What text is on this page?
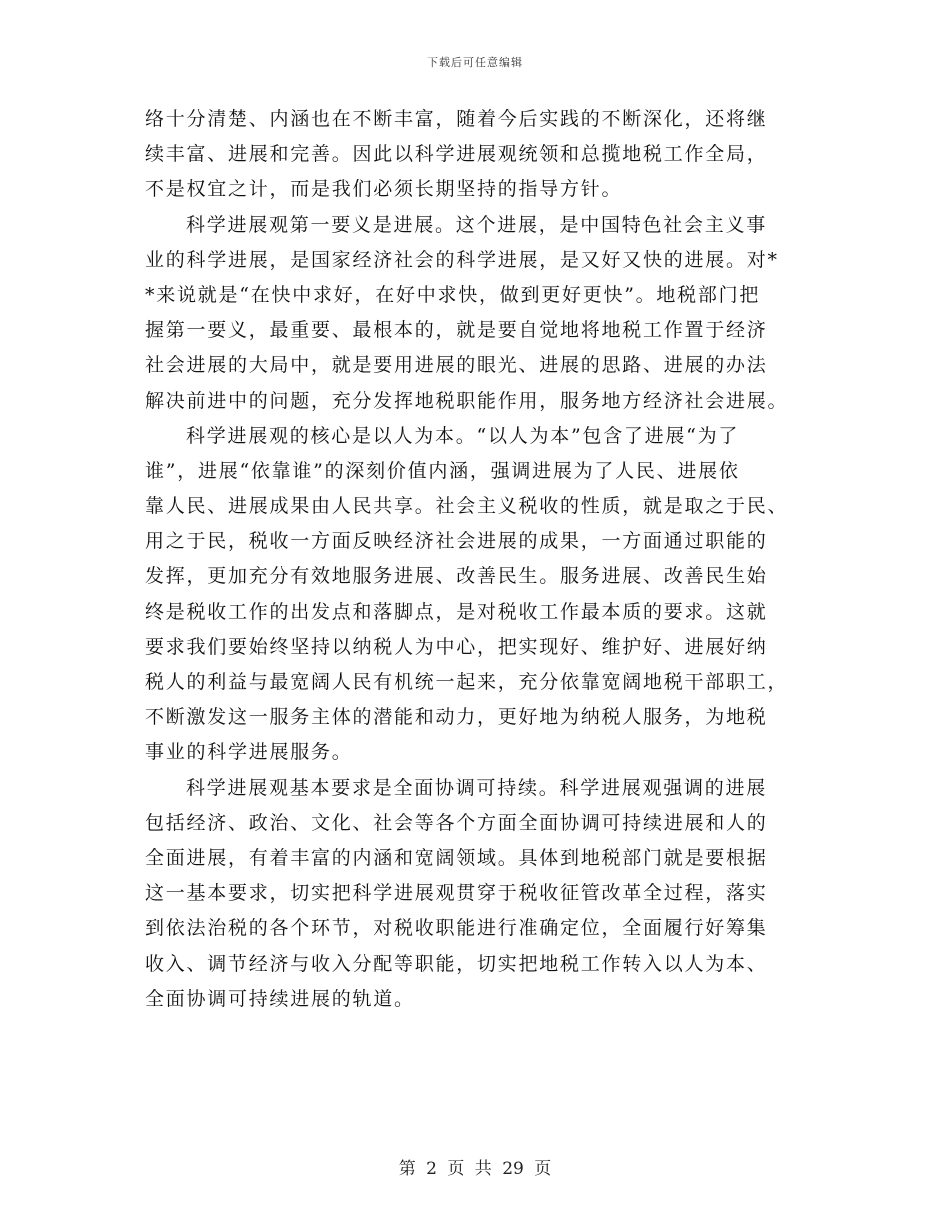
下载后可任意编辑
络十分清楚、内涵也在不断丰富，随着今后实践的不断深化，还将继
续丰富、进展和完善。因此以科学进展观统领和总揽地税工作全局，
不是权宜之计，而是我们必须长期坚持的指导方针。
科学进展观第一要义是进展。这个进展，是中国特色社会主义事
业的科学进展，是国家经济社会的科学进展，是又好又快的进展。对*
*来说就是“在快中求好，在好中求快，做到更好更快”。地税部门把
握第一要义，最重要、最根本的，就是要自觉地将地税工作置于经济
社会进展的大局中，就是要用进展的眼光、进展的思路、进展的办法
解决前进中的问题，充分发挥地税职能作用，服务地方经济社会进展。
科学进展观的核心是以人为本。“以人为本”包含了进展“为了
谁”，进展“依靠谁”的深刻价值内涵，强调进展为了人民、进展依
靠人民、进展成果由人民共享。社会主义税收的性质，就是取之于民、
用之于民，税收一方面反映经济社会进展的成果，一方面通过职能的
发挥，更加充分有效地服务进展、改善民生。服务进展、改善民生始
终是税收工作的出发点和落脚点，是对税收工作最本质的要求。这就
要求我们要始终坚持以纳税人为中心，把实现好、维护好、进展好纳
税人的利益与最宽阔人民有机统一起来，充分依靠宽阔地税干部职工，
不断激发这一服务主体的潜能和动力，更好地为纳税人服务，为地税
事业的科学进展服务。
科学进展观基本要求是全面协调可持续。科学进展观强调的进展
包括经济、政治、文化、社会等各个方面全面协调可持续进展和人的
全面进展，有着丰富的内涵和宽阔领域。具体到地税部门就是要根据
这一基本要求，切实把科学进展观贯穿于税收征管改革全过程，落实
到依法治税的各个环节，对税收职能进行准确定位，全面履行好筹集
收入、调节经济与收入分配等职能，切实把地税工作转入以人为本、
全面协调可持续进展的轨道。
第 2 页 共 29 页
